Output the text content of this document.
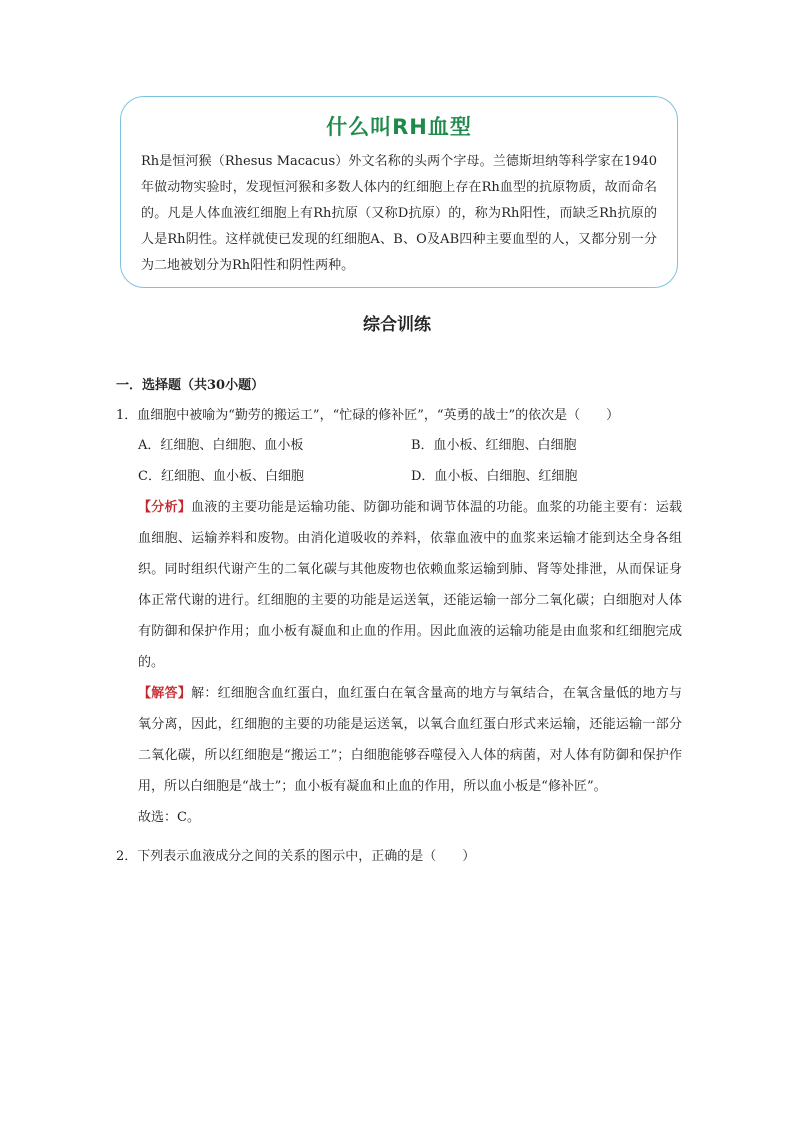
什么叫RH血型

Rh是恒河猴（Rhesus Macacus）外文名称的头两个字母。兰德斯坦纳等科学家在1940年做动物实验时，发现恒河猴和多数人体内的红细胞上存在Rh血型的抗原物质，故而命名的。凡是人体血液红细胞上有Rh抗原（又称D抗原）的，称为Rh阳性，而缺乏Rh抗原的人是Rh阴性。这样就使已发现的红细胞A、B、O及AB四种主要血型的人，又都分别一分为二地被划分为Rh阳性和阴性两种。

综合训练

一．选择题（共30小题）

1．血细胞中被喻为“勤劳的搬运工”，“忙碌的修补匠”，“英勇的战士”的依次是（　　）

A．红细胞、白细胞、血小板	B．血小板、红细胞、白细胞
C．红细胞、血小板、白细胞	D．血小板、白细胞、红细胞

【分析】血液的主要功能是运输功能、防御功能和调节体温的功能。血浆的功能主要有：运载血细胞、运输养料和废物。由消化道吸收的养料，依靠血液中的血浆来运输才能到达全身各组织。同时组织代谢产生的二氧化碳与其他废物也依赖血浆运输到肺、肾等处排泄，从而保证身体正常代谢的进行。红细胞的主要的功能是运送氧，还能运输一部分二氧化碳；白细胞对人体有防御和保护作用；血小板有凝血和止血的作用。因此血液的运输功能是由血浆和红细胞完成的。

【解答】解：红细胞含血红蛋白，血红蛋白在氧含量高的地方与氧结合，在氧含量低的地方与氧分离，因此，红细胞的主要的功能是运送氧，以氧合血红蛋白形式来运输，还能运输一部分二氧化碳，所以红细胞是“搬运工”；白细胞能够吞噬侵入人体的病菌，对人体有防御和保护作用，所以白细胞是“战士”；血小板有凝血和止血的作用，所以血小板是“修补匠”。

故选：C。

2．下列表示血液成分之间的关系的图示中，正确的是（　　）
